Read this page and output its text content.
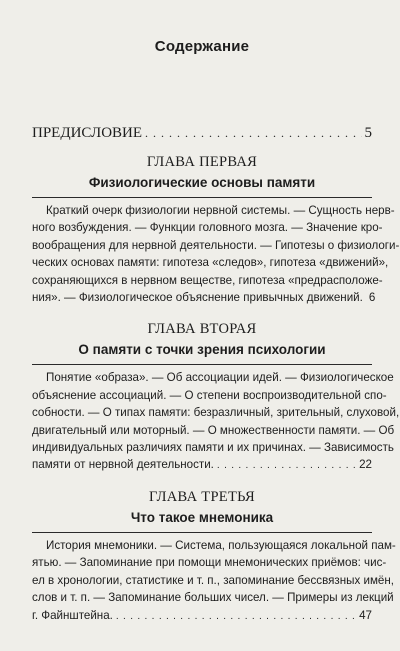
Содержание
ПРЕДИСЛОВИЕ . . .	5
ГЛАВА ПЕРВАЯ
Физиологические основы памяти
Краткий очерк физиологии нервной системы. — Сущность нерв-
ного возбуждения. — Функции головного мозга. — Значение кро-
вообращения для нервной деятельности. — Гипотезы о физиологи-
ческих основах памяти: гипотеза «следов», гипотеза «движений»,
сохраняющихся в нервном веществе, гипотеза «предрасположе-
ния». — Физиологическое объяснение привычных движений. 6
ГЛАВА ВТОРАЯ
О памяти с точки зрения психологии
Понятие «образа». — Об ассоциации идей. — Физиологическое
объяснение ассоциаций. — О степени воспроизводительной спо-
собности. — О типах памяти: безразличный, зрительный, слуховой,
двигательный или моторный. — О множественности памяти. — Об
индивидуальных различиях памяти и их причинах. — Зависимость
памяти от нервной деятельности. . . .	22
ГЛАВА ТРЕТЬЯ
Что такое мнемоника
История мнемоники. — Система, пользующаяся локальной пам-
ятью. — Запоминание при помощи мнемонических приёмов: чис-
ел в хронологии, статистике и т. п., запоминание бессвязных имён,
слов и т. п. — Запоминание больших чисел. — Примеры из лекций
г. Файнштейна. . . .	47
